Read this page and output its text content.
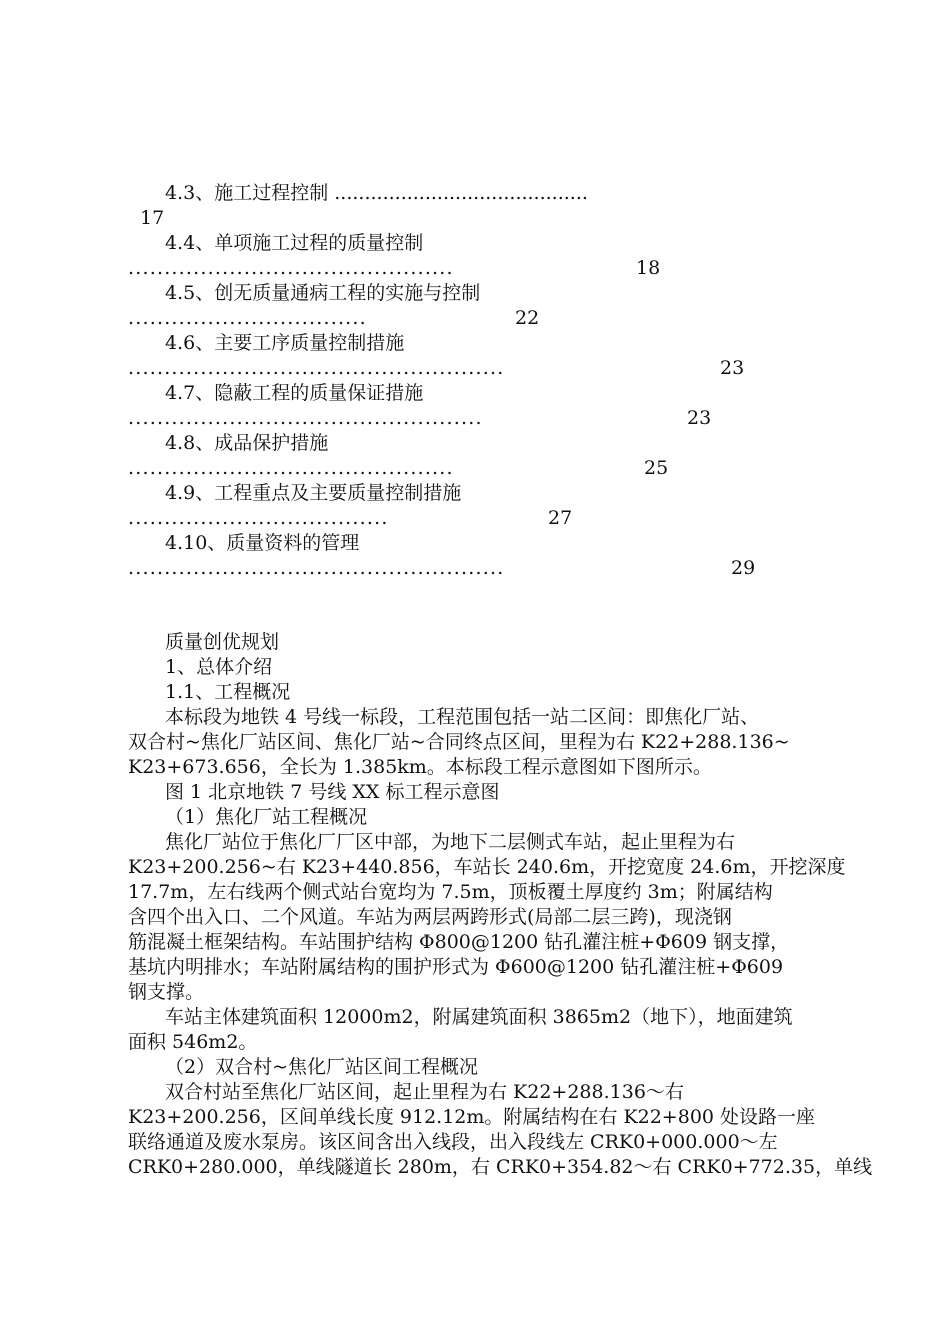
4.3、施工过程控制 ..........................................
17
4.4、单项施工过程的质量控制
.............................................	18
4.5、创无质量通病工程的实施与控制
.................................	22
4.6、主要工序质量控制措施
....................................................	23
4.7、隐蔽工程的质量保证措施
.................................................	23
4.8、成品保护措施
.............................................	25
4.9、工程重点及主要质量控制措施
....................................	27
4.10、质量资料的管理
....................................................	29
质量创优规划
1、总体介绍
1.1、工程概况
本标段为地铁 4 号线一标段，工程范围包括一站二区间：即焦化厂站、
双合村~焦化厂站区间、焦化厂站~合同终点区间，里程为右 K22+288.136~
K23+673.656，全长为 1.385km。本标段工程示意图如下图所示。
图 1 北京地铁 7 号线 XX 标工程示意图
（1）焦化厂站工程概况
焦化厂站位于焦化厂厂区中部，为地下二层侧式车站，起止里程为右
K23+200.256~右 K23+440.856，车站长 240.6m，开挖宽度 24.6m，开挖深度
17.7m，左右线两个侧式站台宽均为 7.5m，顶板覆土厚度约 3m；附属结构
含四个出入口、二个风道。车站为两层两跨形式(局部二层三跨)，现浇钢
筋混凝土框架结构。车站围护结构 Φ800@1200 钻孔灌注桩+Φ609 钢支撑，
基坑内明排水；车站附属结构的围护形式为 Φ600@1200 钻孔灌注桩+Φ609
钢支撑。
车站主体建筑面积 12000m2，附属建筑面积 3865m2（地下），地面建筑
面积 546m2。
（2）双合村~焦化厂站区间工程概况
双合村站至焦化厂站区间，起止里程为右 K22+288.136～右
K23+200.256，区间单线长度 912.12m。附属结构在右 K22+800 处设路一座
联络通道及废水泵房。该区间含出入线段，出入段线左 CRK0+000.000～左
CRK0+280.000，单线隧道长 280m，右 CRK0+354.82～右 CRK0+772.35，单线
